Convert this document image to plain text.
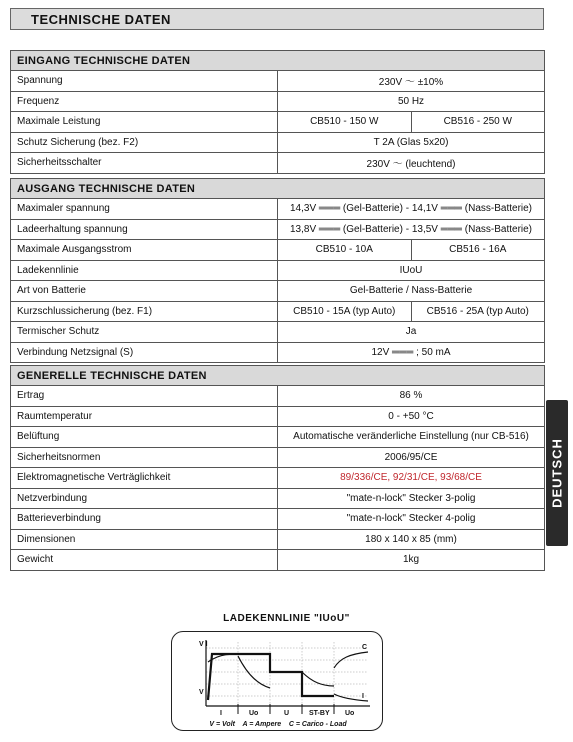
TECHNISCHE DATEN
EINGANG TECHNISCHE DATEN	
Spannung	230V ～ ±10%
Frequenz	50 Hz
Maximale Leistung	CB510 - 150 W CB516 - 250 W

Schutz Sicherung (bez. F2)	T 2A (Glas 5x20)
Sicherheitsschalter	230V ～ (leuchtend)
AUSGANG TECHNISCHE DATEN	
Maximaler spannung	14,3V ═══ (Gel-Batterie) - 14,1V ═══ (Nass-Batterie)
Ladeerhaltung spannung	13,8V ═══ (Gel-Batterie) - 13,5V ═══ (Nass-Batterie)
Maximale Ausgangsstrom	CB510 - 10A CB516 - 16A

Ladekennlinie	IUoU
Art von Batterie	Gel-Batterie / Nass-Batterie
Kurzschlussicherung (bez. F1)	CB510 - 15A (typ Auto) CB516 - 25A (typ Auto)

Termischer Schutz	Ja
Verbindung Netzsignal (S)	12V ═══ ; 50 mA
GENERELLE TECHNISCHE DATEN	
Ertrag	86 %
Raumtemperatur	0 - +50 °C
Belüftung	Automatische veränderliche Einstellung (nur CB-516)
Sicherheitsnormen	2006/95/CE
Elektromagnetische Verträglichkeit	89/336/CE, 92/31/CE, 93/68/CE
Netzverbindung	"mate-n-lock" Stecker 3-polig
Batterieverbindung	"mate-n-lock" Stecker 4-polig
Dimensionen	180 x 140 x 85 (mm)
Gewicht	1kg
DEUTSCH
LADEKENNLINIE "IUoU"
V I
V
C
I
I	Uo	U	ST-BY Uo
V = Volt    A = Ampere    C = Carico - Load
